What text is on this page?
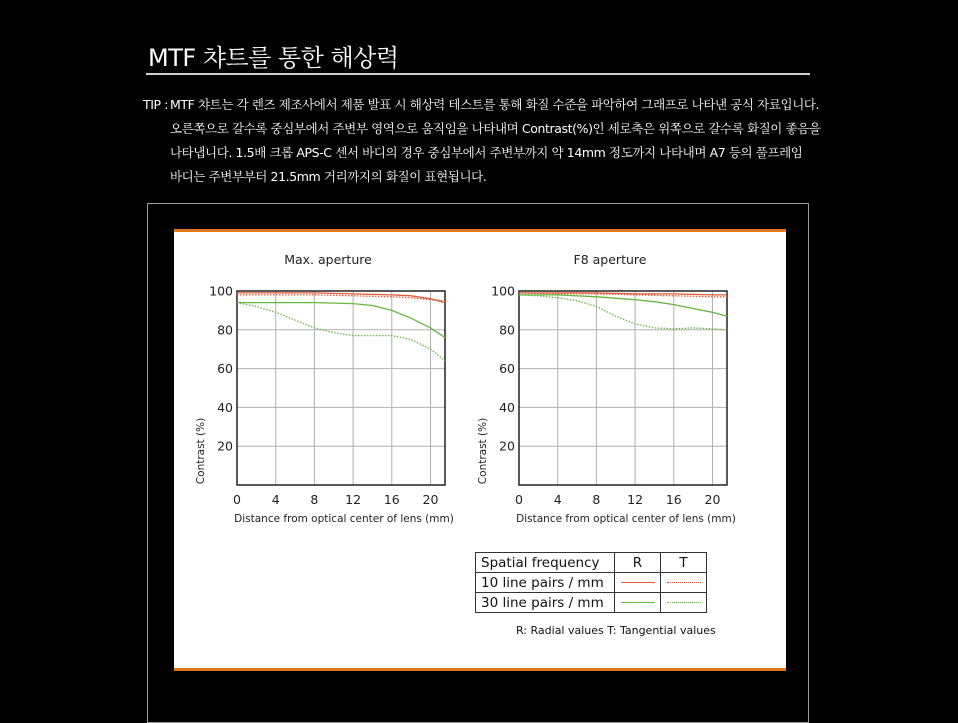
MTF 챠트를 통한 해상력
TIP : MTF 챠트는 각 렌즈 제조사에서 제품 발표 시 해상력 테스트를 통해 화질 수준을 파악하여 그래프로 나타낸 공식 자료입니다.
오른쪽으로 갈수록 중심부에서 주변부 영역으로 움직임을 나타내며 Contrast(%)인 세로축은 위쪽으로 갈수록 화질이 좋음을
나타냅니다. 1.5배 크롭 APS-C 센서 바디의 경우 중심부에서 주변부까지 약 14mm 정도까지 나타내며 A7 등의 풀프레임
바디는 주변부부터 21.5mm 거리까지의 화질이 표현됩니다.
Max. aperture
20
40
60
80
100
0 4 8 12 16 20
Distance from optical center of lens (mm)
Contrast (%)
F8 aperture
20
40
60
80
100
0 4 8 12 16 20
Distance from optical center of lens (mm)
Contrast (%)
Spatial frequency	R	T
10 line pairs / mm		
30 line pairs / mm		
R: Radial values T: Tangential values
